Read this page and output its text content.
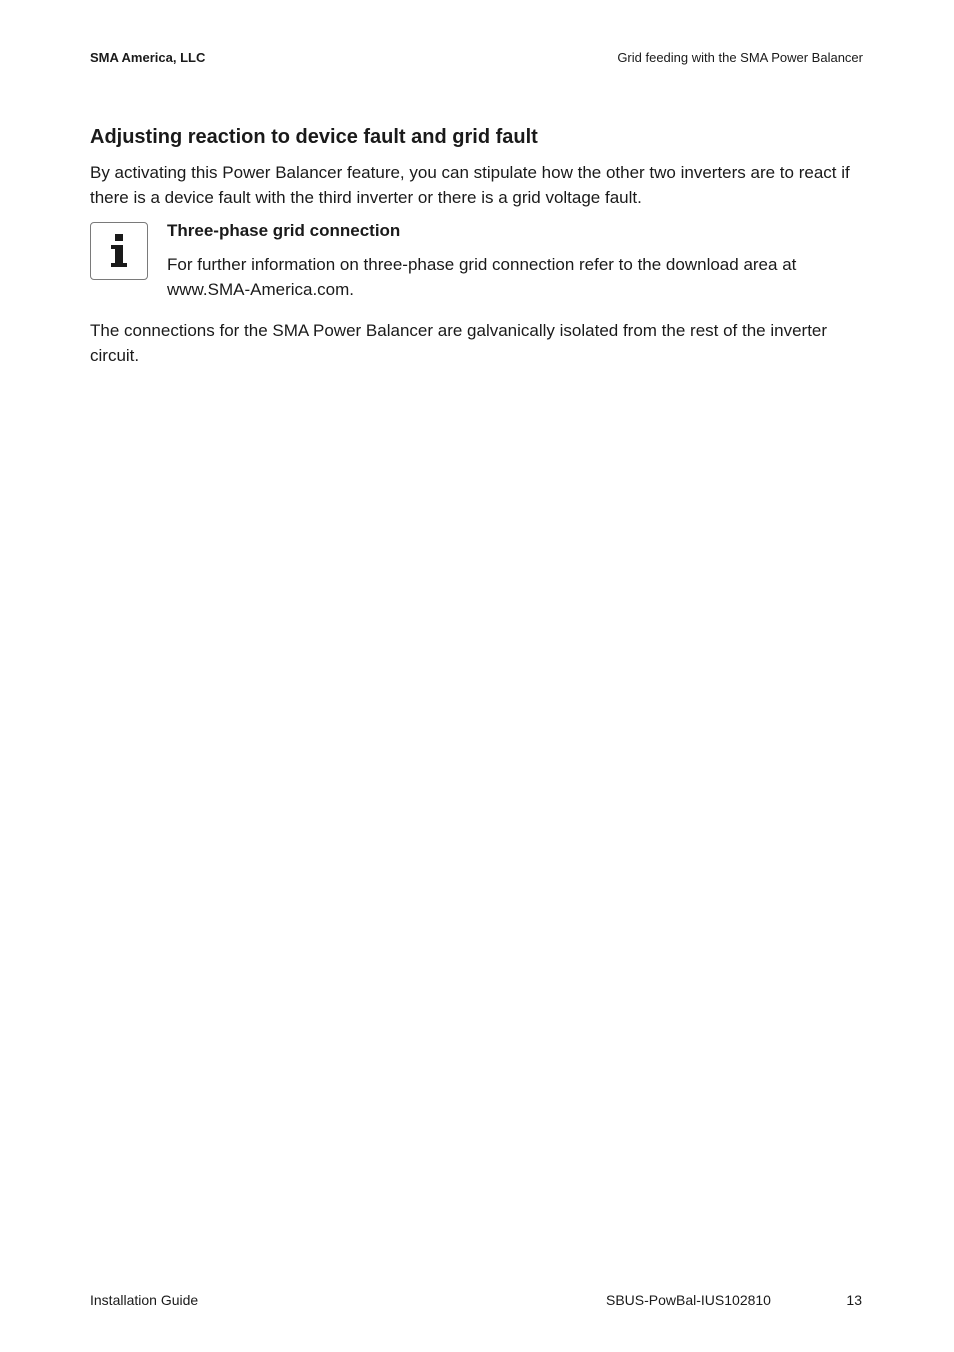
SMA America, LLC	Grid feeding with the SMA Power Balancer
Adjusting reaction to device fault and grid fault

By activating this Power Balancer feature, you can stipulate how the other two inverters are to react if there is a device fault with the third inverter or there is a grid voltage fault.

Three-phase grid connection

For further information on three-phase grid connection refer to the download area at www.SMA-America.com.

The connections for the SMA Power Balancer are galvanically isolated from the rest of the inverter circuit.

Installation Guide	SBUS-PowBal-IUS102810	13
